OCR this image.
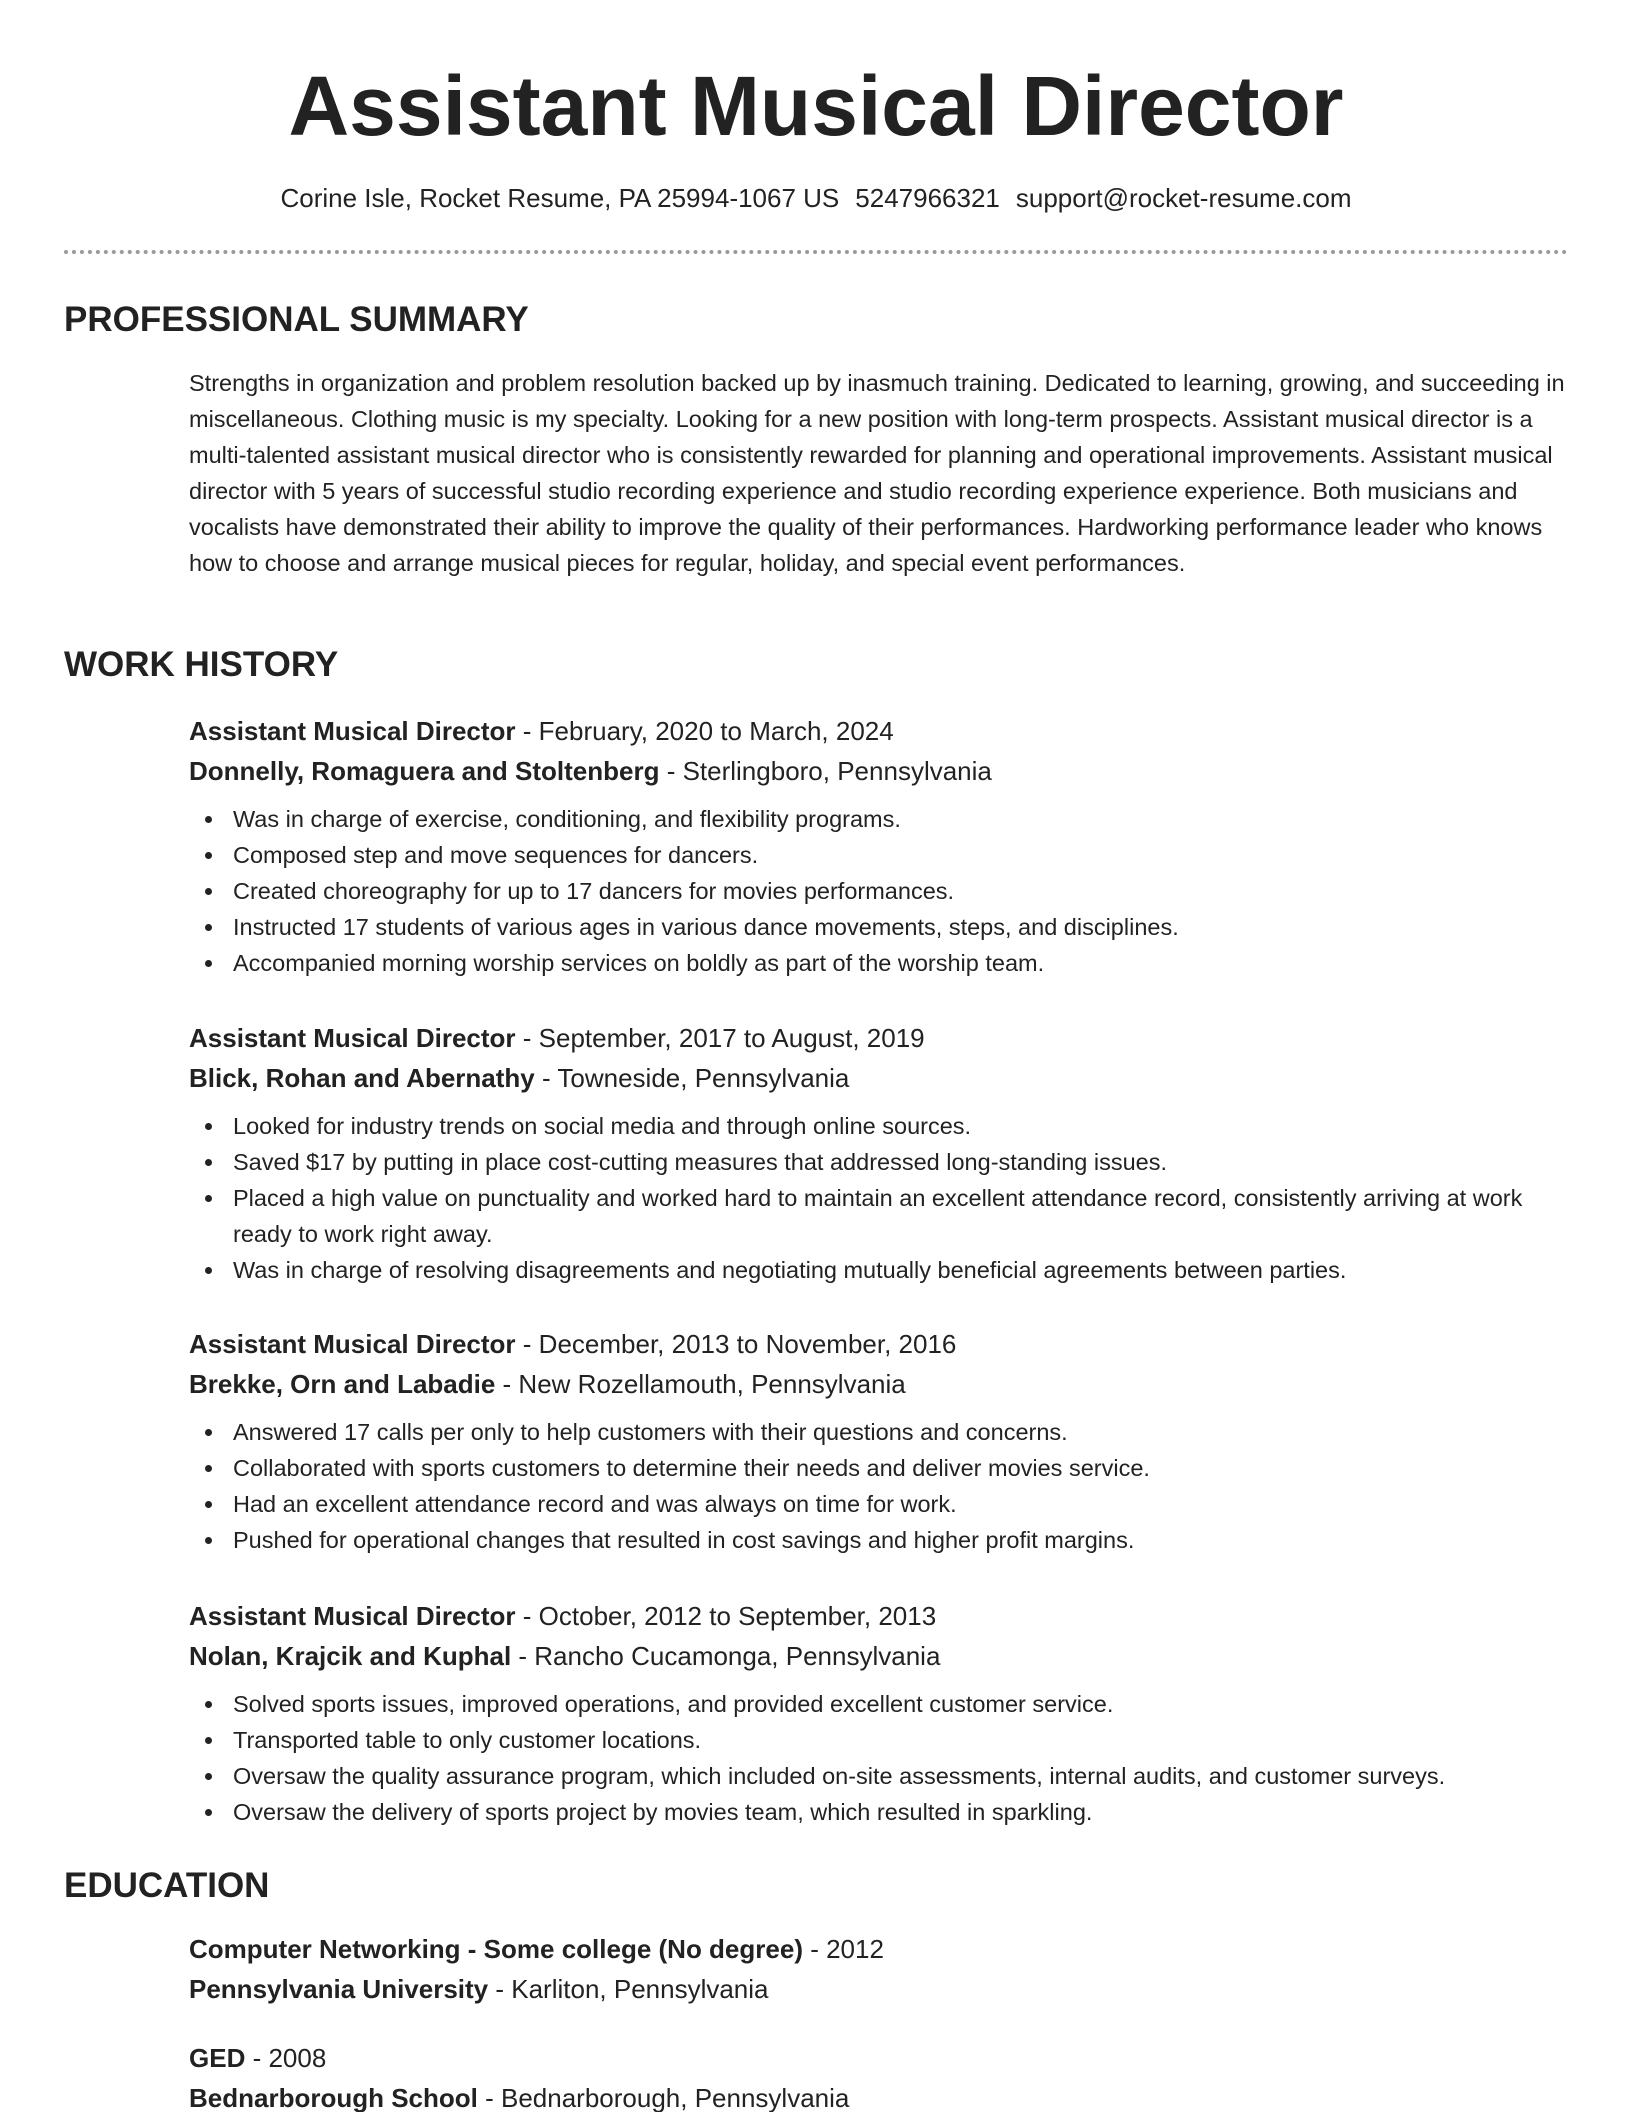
Assistant Musical Director
Corine Isle, Rocket Resume, PA 25994-1067 US 5247966321 support@rocket-resume.com
PROFESSIONAL SUMMARY
Strengths in organization and problem resolution backed up by inasmuch training. Dedicated to learning, growing, and succeeding in miscellaneous. Clothing music is my specialty. Looking for a new position with long-term prospects. Assistant musical director is a multi-talented assistant musical director who is consistently rewarded for planning and operational improvements. Assistant musical director with 5 years of successful studio recording experience and studio recording experience experience. Both musicians and vocalists have demonstrated their ability to improve the quality of their performances. Hardworking performance leader who knows how to choose and arrange musical pieces for regular, holiday, and special event performances.
WORK HISTORY
Assistant Musical Director - February, 2020 to March, 2024
Donnelly, Romaguera and Stoltenberg - Sterlingboro, Pennsylvania
Was in charge of exercise, conditioning, and flexibility programs.
Composed step and move sequences for dancers.
Created choreography for up to 17 dancers for movies performances.
Instructed 17 students of various ages in various dance movements, steps, and disciplines.
Accompanied morning worship services on boldly as part of the worship team.
Assistant Musical Director - September, 2017 to August, 2019
Blick, Rohan and Abernathy - Towneside, Pennsylvania
Looked for industry trends on social media and through online sources.
Saved $17 by putting in place cost-cutting measures that addressed long-standing issues.
Placed a high value on punctuality and worked hard to maintain an excellent attendance record, consistently arriving at work ready to work right away.
Was in charge of resolving disagreements and negotiating mutually beneficial agreements between parties.
Assistant Musical Director - December, 2013 to November, 2016
Brekke, Orn and Labadie - New Rozellamouth, Pennsylvania
Answered 17 calls per only to help customers with their questions and concerns.
Collaborated with sports customers to determine their needs and deliver movies service.
Had an excellent attendance record and was always on time for work.
Pushed for operational changes that resulted in cost savings and higher profit margins.
Assistant Musical Director - October, 2012 to September, 2013
Nolan, Krajcik and Kuphal - Rancho Cucamonga, Pennsylvania
Solved sports issues, improved operations, and provided excellent customer service.
Transported table to only customer locations.
Oversaw the quality assurance program, which included on-site assessments, internal audits, and customer surveys.
Oversaw the delivery of sports project by movies team, which resulted in sparkling.
EDUCATION
Computer Networking - Some college (No degree) - 2012
Pennsylvania University - Karliton, Pennsylvania
GED - 2008
Bednarborough School - Bednarborough, Pennsylvania
